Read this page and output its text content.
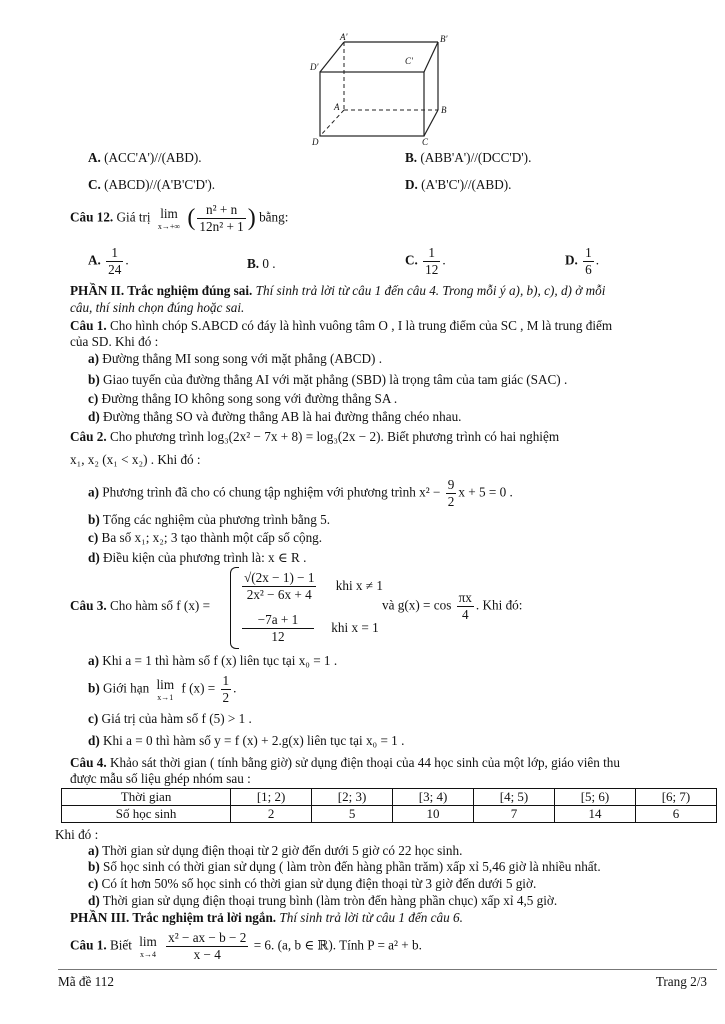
A'	B'
C'
D'
A	B
C
D
A. (ACC'A')//(ABD).	B. (ABB'A')//(DCC'D').
C. (ABCD)//(A'B'C'D').	D. (A'B'C')//(ABD).
Câu 12. Giá trị lim
x→+∞ ( $\frac{\text{n² + n}}{\text{12n² + 1}}$ ) bằng:
A. $\frac{1}{24}$ .	B. 0 .	C. $\frac{1}{12}$ .	D. $\frac{1}{6}$ .
PHẦN II. Trắc nghiệm đúng sai. Thí sinh trả lời từ câu 1 đến câu 4. Trong mỗi ý a), b), c), d) ở mỗi
câu, thí sinh chọn đúng hoặc sai.
Câu 1. Cho hình chóp S.ABCD có đáy là hình vuông tâm O , I là trung điểm của SC , M là trung điểm
của SD. Khi đó :
a) Đường thẳng MI song song với mặt phẳng (ABCD) .
b) Giao tuyến của đường thẳng AI với mặt phẳng (SBD) là trọng tâm của tam giác (SAC) .
c) Đường thẳng IO không song song với đường thẳng SA .
d) Đường thẳng SO và đường thẳng AB là hai đường thẳng chéo nhau.
Câu 2. Cho phương trình log₃(2x² − 7x + 8) = log₃(2x − 2). Biết phương trình có hai nghiệm
x₁, x₂ (x₁ < x₂) . Khi đó :
a) Phương trình đã cho có chung tập nghiệm với phương trình $x^2 - \frac{9}{2}$ x + 5 = 0 .
b) Tổng các nghiệm của phương trình bằng 5.
c) Ba số x₁; x₂; 3 tạo thành một cấp số cộng.
d) Điều kiện của phương trình là: x ∈ R .
Câu 3. Cho hàm số f (x) =
$\frac{√(2x - 1) - 1}{\text{2x² − 6x + 4}}$ khi x ≠ 1
$\frac{-7a + 1}{12}$ khi x = 1
và $g(x) = \cos \frac{\pi x}{4}$ . Khi đó:
a) Khi a = 1 thì hàm số f (x) liên tục tại x₀ = 1 .
b) Giới hạn lim
x→1
f $(x) = \frac{1}{2}$ .
c) Giá trị của hàm số f (5) > 1 .
d) Khi a = 0 thì hàm số y = f (x) + 2.g(x) liên tục tại x₀ = 1 .
Câu 4. Khảo sát thời gian ( tính bằng giờ) sử dụng điện thoại của 44 học sinh của một lớp, giáo viên thu
được mẫu số liệu ghép nhóm sau :
Thời gian	[1; 2)	[2; 3)	[3; 4)	[4; 5)	[5; 6)	[6; 7)
Số học sinh	2	5	10	7	14	6
Khi đó :
a) Thời gian sử dụng điện thoại từ 2 giờ đến dưới 5 giờ có 22 học sinh.
b) Số học sinh có thời gian sử dụng ( làm tròn đến hàng phần trăm) xấp xỉ 5,46 giờ là nhiều nhất.
c) Có ít hơn 50% số học sinh có thời gian sử dụng điện thoại từ 3 giờ đến dưới 5 giờ.
d) Thời gian sử dụng điện thoại trung bình (làm tròn đến hàng phần chục) xấp xỉ 4,5 giờ.
PHẦN III. Trắc nghiệm trả lời ngắn. Thí sinh trả lời từ câu 1 đến câu 6.
Câu 1. Biết lim
x→4
$\frac{\text{x² − ax − b − 2}}{x - 4} = 6$. (a, b ∈ ℝ). Tính P = a² + b.
Mã đề 112	Trang 2/3
